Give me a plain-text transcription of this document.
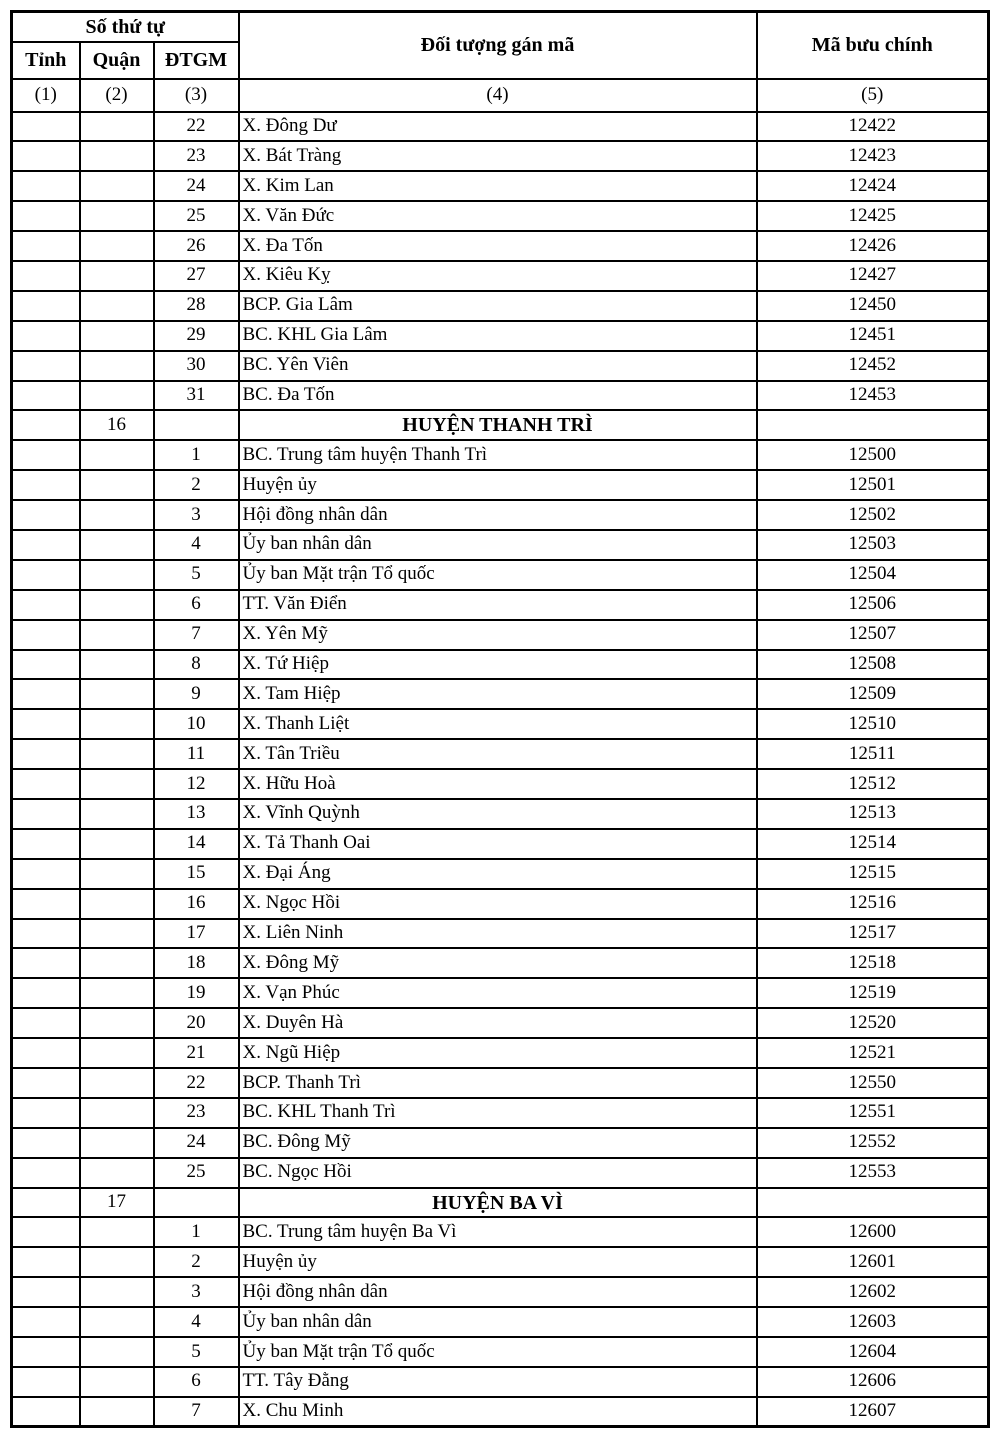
Số thứ tự			Đối tượng gán mã	Mã bưu chính
Tỉnh	Quận	ĐTGM		
(1)	(2)	(3)	(4)	(5)
		22	X. Đông Dư	12422
		23	X. Bát Tràng	12423
		24	X. Kim Lan	12424
		25	X. Văn Đức	12425
		26	X. Đa Tốn	12426
		27	X. Kiêu Kỵ	12427
		28	BCP. Gia Lâm	12450
		29	BC. KHL Gia Lâm	12451
		30	BC. Yên Viên	12452
		31	BC. Đa Tốn	12453
	16		HUYỆN THANH TRÌ	
		1	BC. Trung tâm huyện Thanh Trì	12500
		2	Huyện ủy	12501
		3	Hội đồng nhân dân	12502
		4	Ủy ban nhân dân	12503
		5	Ủy ban Mặt trận Tổ quốc	12504
		6	TT. Văn Điển	12506
		7	X. Yên Mỹ	12507
		8	X. Tứ Hiệp	12508
		9	X. Tam Hiệp	12509
		10	X. Thanh Liệt	12510
		11	X. Tân Triều	12511
		12	X. Hữu Hoà	12512
		13	X. Vĩnh Quỳnh	12513
		14	X. Tả Thanh Oai	12514
		15	X. Đại Áng	12515
		16	X. Ngọc Hồi	12516
		17	X. Liên Ninh	12517
		18	X. Đông Mỹ	12518
		19	X. Vạn Phúc	12519
		20	X. Duyên Hà	12520
		21	X. Ngũ Hiệp	12521
		22	BCP. Thanh Trì	12550
		23	BC. KHL Thanh Trì	12551
		24	BC. Đông Mỹ	12552
		25	BC. Ngọc Hồi	12553
	17		HUYỆN BA VÌ	
		1	BC. Trung tâm huyện Ba Vì	12600
		2	Huyện ủy	12601
		3	Hội đồng nhân dân	12602
		4	Ủy ban nhân dân	12603
		5	Ủy ban Mặt trận Tổ quốc	12604
		6	TT. Tây Đằng	12606
		7	X. Chu Minh	12607
